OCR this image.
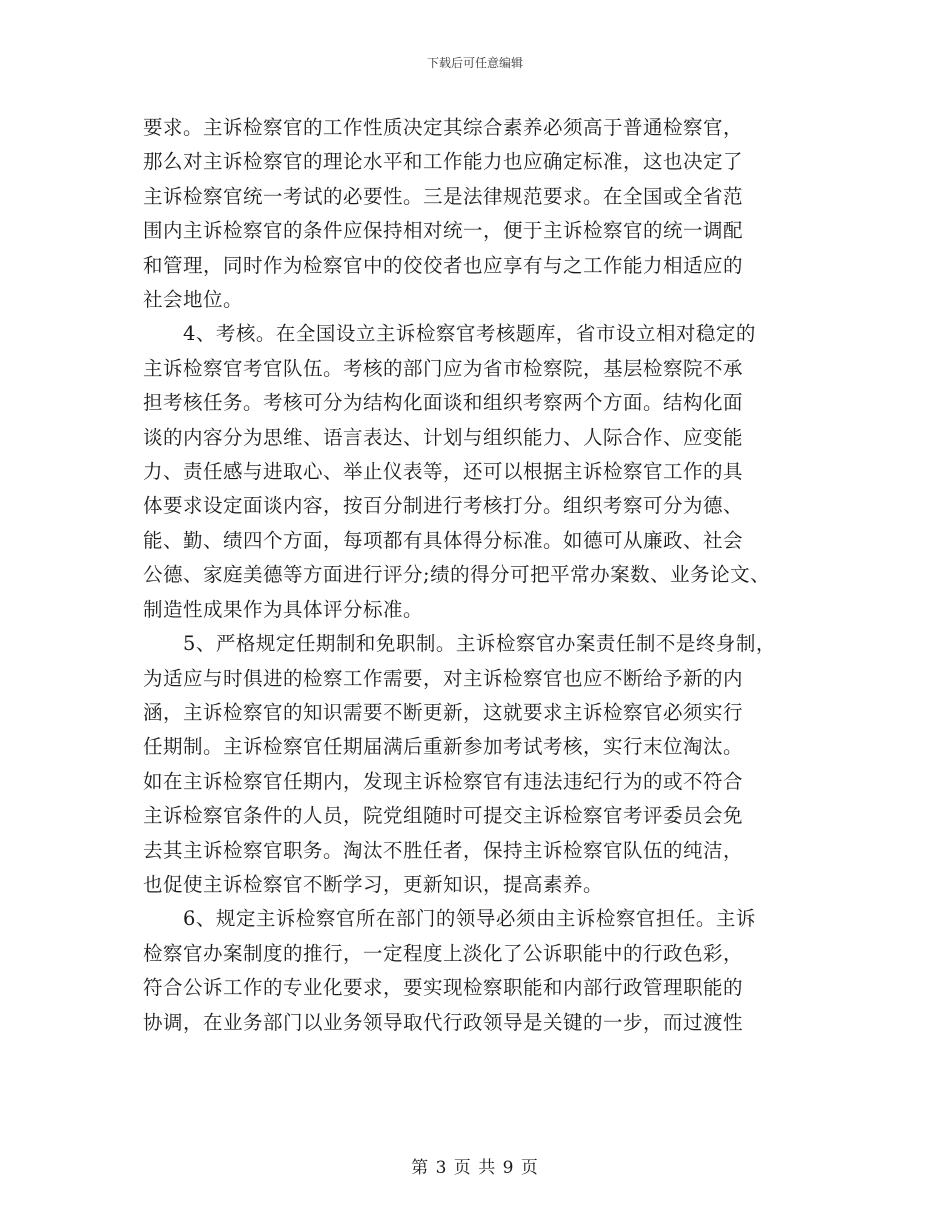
下载后可任意编辑

要求。主诉检察官的工作性质决定其综合素养必须高于普通检察官，
那么对主诉检察官的理论水平和工作能力也应确定标准，这也决定了
主诉检察官统一考试的必要性。三是法律规范要求。在全国或全省范
围内主诉检察官的条件应保持相对统一，便于主诉检察官的统一调配
和管理，同时作为检察官中的佼佼者也应享有与之工作能力相适应的
社会地位。

　　4、考核。在全国设立主诉检察官考核题库，省市设立相对稳定的
主诉检察官考官队伍。考核的部门应为省市检察院，基层检察院不承
担考核任务。考核可分为结构化面谈和组织考察两个方面。结构化面
谈的内容分为思维、语言表达、计划与组织能力、人际合作、应变能
力、责任感与进取心、举止仪表等，还可以根据主诉检察官工作的具
体要求设定面谈内容，按百分制进行考核打分。组织考察可分为德、
能、勤、绩四个方面，每项都有具体得分标准。如德可从廉政、社会
公德、家庭美德等方面进行评分;绩的得分可把平常办案数、业务论文、
制造性成果作为具体评分标准。

　　5、严格规定任期制和免职制。主诉检察官办案责任制不是终身制，
为适应与时俱进的检察工作需要，对主诉检察官也应不断给予新的内
涵，主诉检察官的知识需要不断更新，这就要求主诉检察官必须实行
任期制。主诉检察官任期届满后重新参加考试考核，实行末位淘汰。
如在主诉检察官任期内，发现主诉检察官有违法违纪行为的或不符合
主诉检察官条件的人员，院党组随时可提交主诉检察官考评委员会免
去其主诉检察官职务。淘汰不胜任者，保持主诉检察官队伍的纯洁，
也促使主诉检察官不断学习，更新知识，提高素养。

　　6、规定主诉检察官所在部门的领导必须由主诉检察官担任。主诉
检察官办案制度的推行，一定程度上淡化了公诉职能中的行政色彩，
符合公诉工作的专业化要求，要实现检察职能和内部行政管理职能的
协调，在业务部门以业务领导取代行政领导是关键的一步，而过渡性

第 3 页 共 9 页
